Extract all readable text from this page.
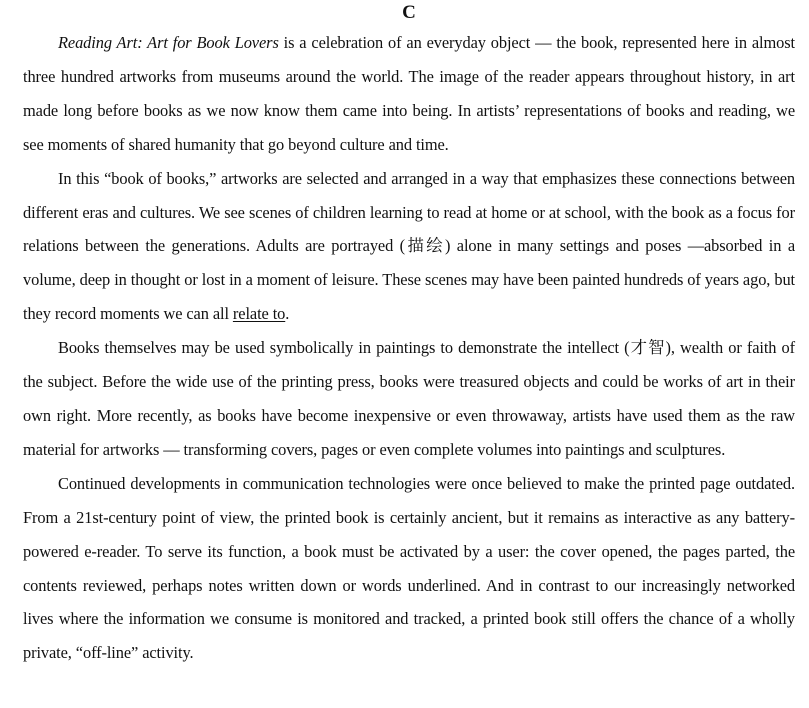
C

Reading Art: Art for Book Lovers is a celebration of an everyday object — the book, represented here in almost three hundred artworks from museums around the world. The image of the reader appears throughout history, in art made long before books as we now know them came into being. In artists’ representations of books and reading, we see moments of shared humanity that go beyond culture and time.

In this “book of books,” artworks are selected and arranged in a way that emphasizes these connections between different eras and cultures. We see scenes of children learning to read at home or at school, with the book as a focus for relations between the generations. Adults are portrayed (描绘) alone in many settings and poses —absorbed in a volume, deep in thought or lost in a moment of leisure. These scenes may have been painted hundreds of years ago, but they record moments we can all relate to.

Books themselves may be used symbolically in paintings to demonstrate the intellect (才智), wealth or faith of the subject. Before the wide use of the printing press, books were treasured objects and could be works of art in their own right. More recently, as books have become inexpensive or even throwaway, artists have used them as the raw material for artworks — transforming covers, pages or even complete volumes into paintings and sculptures.

Continued developments in communication technologies were once believed to make the printed page outdated. From a 21st-century point of view, the printed book is certainly ancient, but it remains as interactive as any battery-powered e-reader. To serve its function, a book must be activated by a user: the cover opened, the pages parted, the contents reviewed, perhaps notes written down or words underlined. And in contrast to our increasingly networked lives where the information we consume is monitored and tracked, a printed book still offers the chance of a wholly private, “off-line” activity.
